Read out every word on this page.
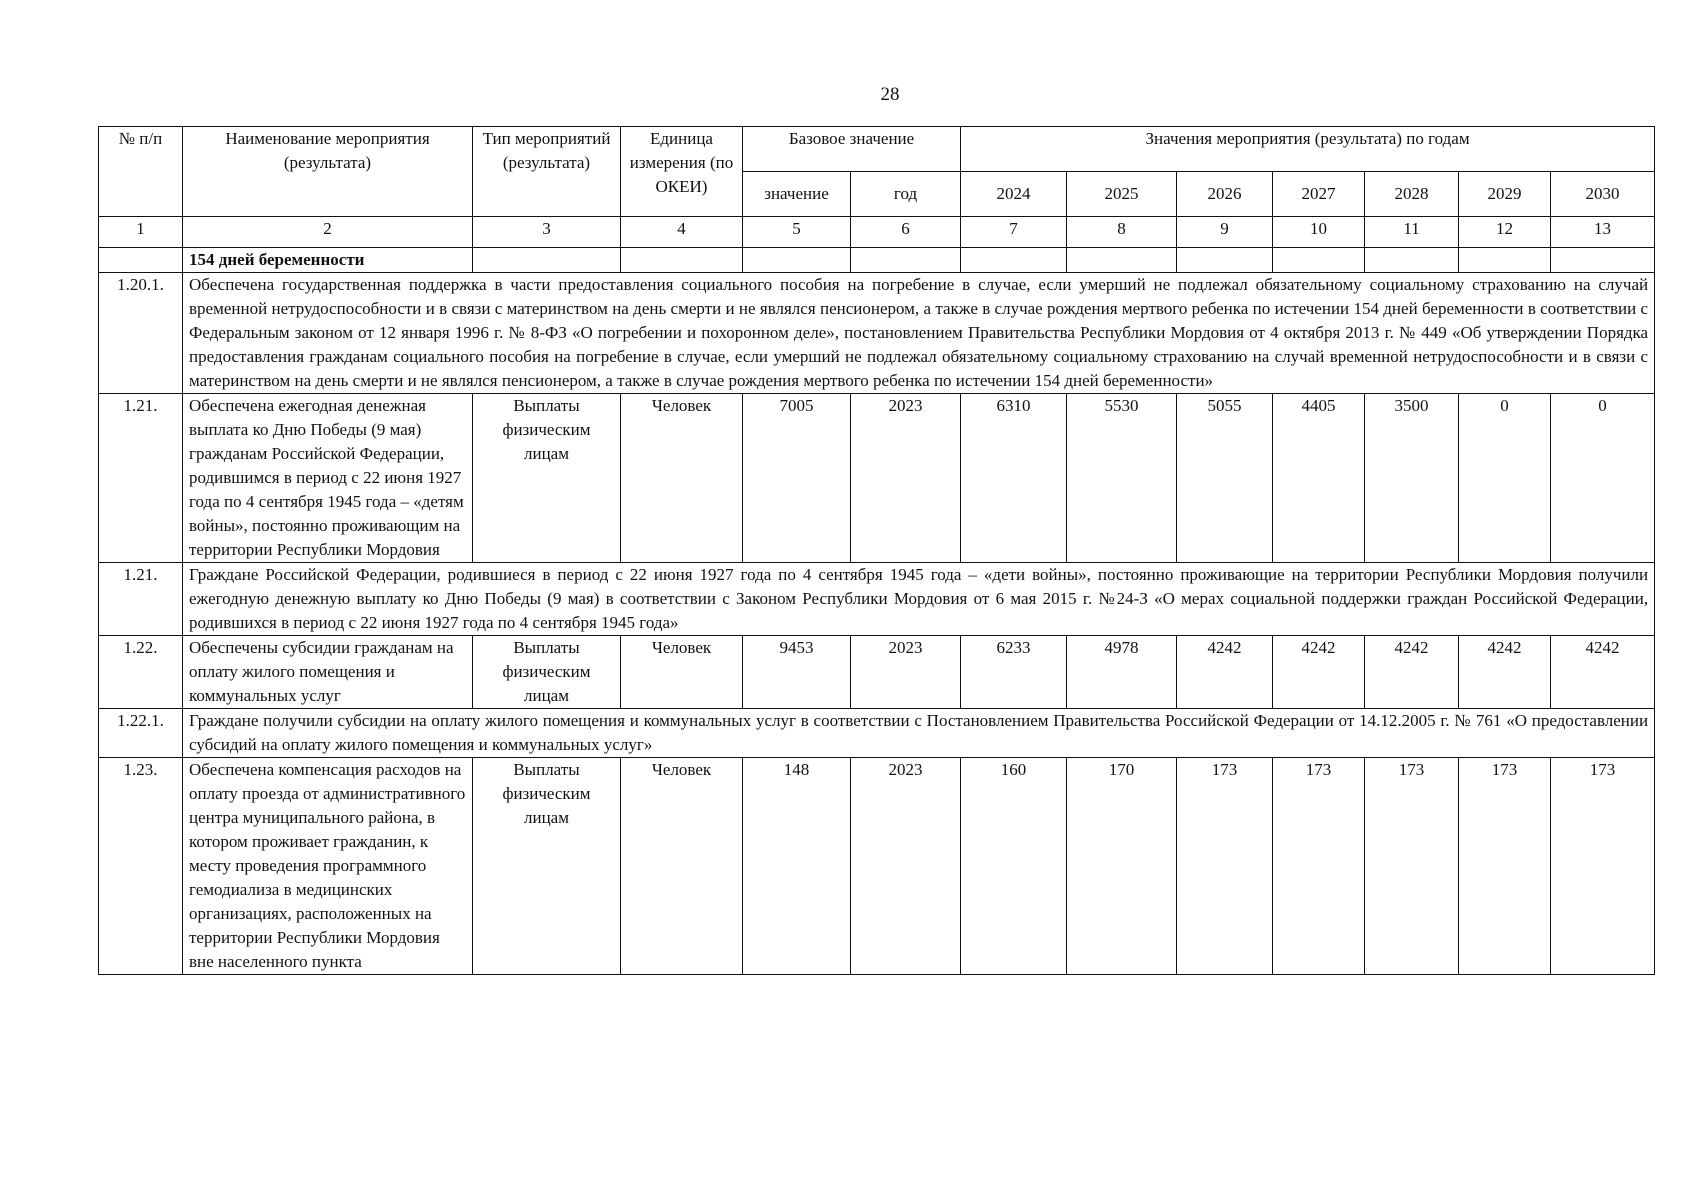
28
№ п/п	Наименование мероприятия (результата)	Тип мероприятий (результата)	Единица измерения (по ОКЕИ)	Базовое значение		Значения мероприятия (результата) по годам						
				значение	год	2024	2025	2026	2027	2028	2029	2030
1	2	3	4	5	6	7	8	9	10	11	12	13
	154 дней беременности											
1.20.1.	Обеспечена государственная поддержка в части предоставления социального пособия на погребение в случае, если умерший не подлежал обязательному социальному страхованию на случай временной нетрудоспособности и в связи с материнством на день смерти и не являлся пенсионером, а также в случае рождения мертвого ребенка по истечении 154 дней беременности в соответствии с Федеральным законом от 12 января 1996 г. № 8-ФЗ «О погребении и похоронном деле», постановлением Правительства Республики Мордовия от 4 октября 2013 г. № 449 «Об утверждении Порядка предоставления гражданам социального пособия на погребение в случае, если умерший не подлежал обязательному социальному страхованию на случай временной нетрудоспособности и в связи с материнством на день смерти и не являлся пенсионером, а также в случае рождения мертвого ребенка по истечении 154 дней беременности»											
1.21.	Обеспечена ежегодная денежная выплата ко Дню Победы (9 мая) гражданам Российской Федерации, родившимся в период с 22 июня 1927 года по 4 сентября 1945 года – «детям войны», постоянно проживающим на территории Республики Мордовия	Выплаты физическим лицам	Человек	7005	2023	6310	5530	5055	4405	3500	0	0
1.21.	Граждане Российской Федерации, родившиеся в период с 22 июня 1927 года по 4 сентября 1945 года – «дети войны», постоянно проживающие на территории Республики Мордовия получили ежегодную денежную выплату ко Дню Победы (9 мая) в соответствии с Законом Республики Мордовия от 6 мая 2015 г. №24-З «О мерах социальной поддержки граждан Российской Федерации, родившихся в период с 22 июня 1927 года по 4 сентября 1945 года»											
1.22.	Обеспечены субсидии гражданам на оплату жилого помещения и коммунальных услуг	Выплаты физическим лицам	Человек	9453	2023	6233	4978	4242	4242	4242	4242	4242
1.22.1.	Граждане получили субсидии на оплату жилого помещения и коммунальных услуг в соответствии с Постановлением Правительства Российской Федерации от 14.12.2005 г. № 761 «О предоставлении субсидий на оплату жилого помещения и коммунальных услуг»											
1.23.	Обеспечена компенсация расходов на оплату проезда от административного центра муниципального района, в котором проживает гражданин, к месту проведения программного гемодиализа в медицинских организациях, расположенных на территории Республики Мордовия вне населенного пункта	Выплаты физическим лицам	Человек	148	2023	160	170	173	173	173	173	173
